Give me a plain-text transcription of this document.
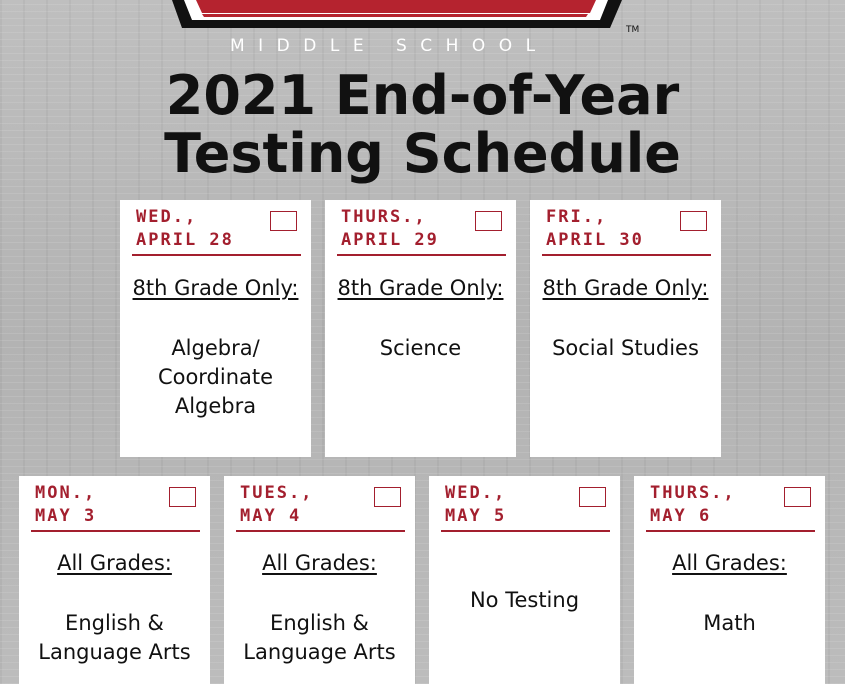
MIDDLE SCHOOL
TM
2021 End-of-Year
Testing Schedule
WED.,
APRIL 28
8th Grade Only:
Algebra/
Coordinate
Algebra
THURS.,
APRIL 29
8th Grade Only:
Science
FRI.,
APRIL 30
8th Grade Only:
Social Studies
MON.,
MAY 3
All Grades:
English &
Language Arts
TUES.,
MAY 4
All Grades:
English &
Language Arts
WED.,
MAY 5
No Testing
THURS.,
MAY 6
All Grades:
Math
